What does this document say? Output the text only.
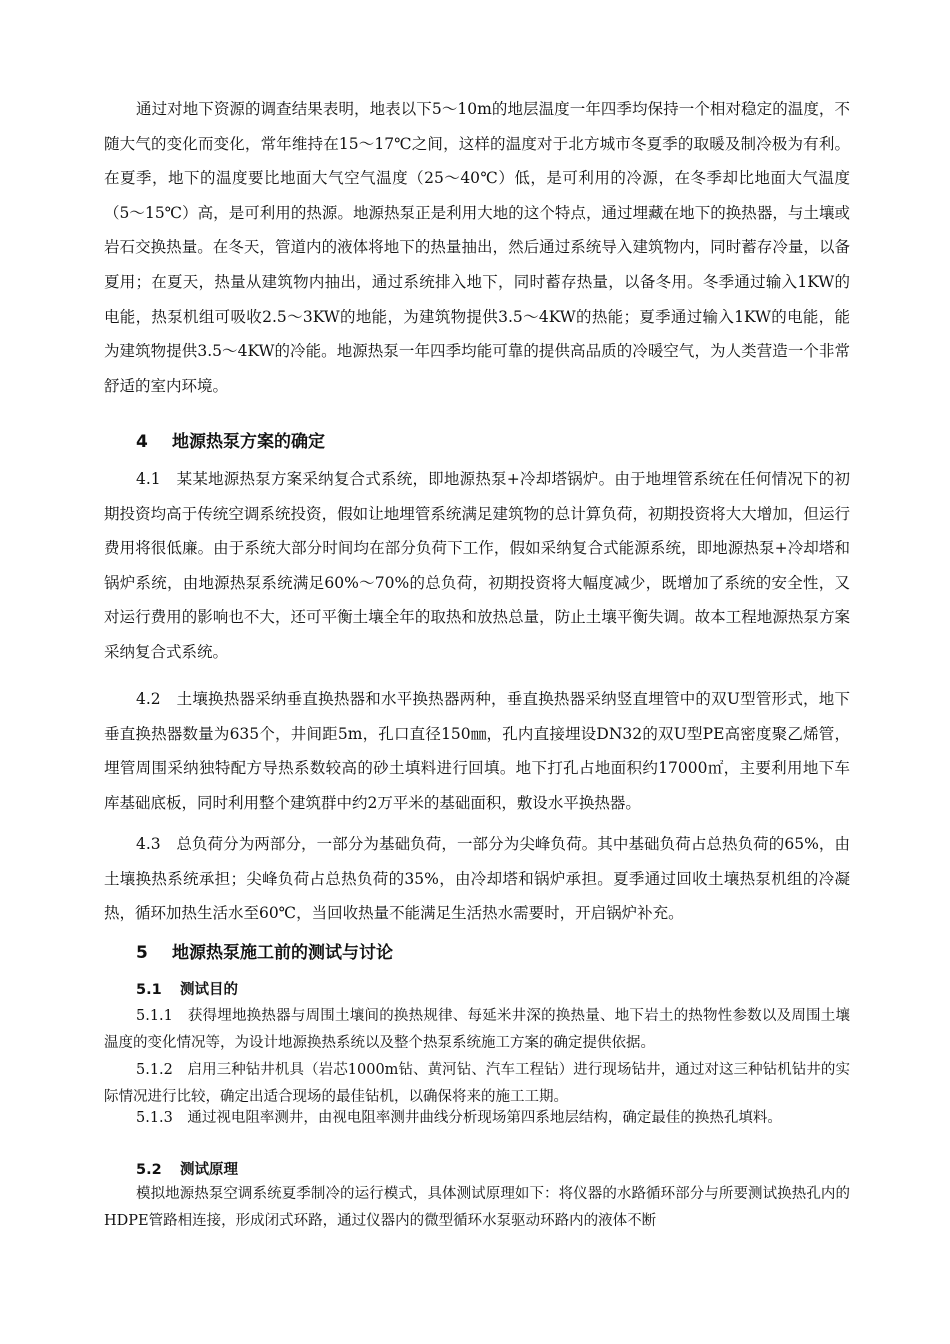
通过对地下资源的调查结果表明，地表以下5～10m的地层温度一年四季均保持一个相对稳定的温度，不随大气的变化而变化，常年维持在15～17℃之间，这样的温度对于北方城市冬夏季的取暖及制冷极为有利。在夏季，地下的温度要比地面大气空气温度（25～40℃）低，是可利用的冷源，在冬季却比地面大气温度（5～15℃）高，是可利用的热源。地源热泵正是利用大地的这个特点，通过埋藏在地下的换热器，与土壤或岩石交换热量。在冬天，管道内的液体将地下的热量抽出，然后通过系统导入建筑物内，同时蓄存冷量，以备夏用；在夏天，热量从建筑物内抽出，通过系统排入地下，同时蓄存热量，以备冬用。冬季通过输入1KW的电能，热泵机组可吸收2.5～3KW的地能，为建筑物提供3.5～4KW的热能；夏季通过输入1KW的电能，能为建筑物提供3.5～4KW的冷能。地源热泵一年四季均能可靠的提供高品质的冷暖空气，为人类营造一个非常舒适的室内环境。

4 地源热泵方案的确定

4.1　某某地源热泵方案采纳复合式系统，即地源热泵+冷却塔锅炉。由于地埋管系统在任何情况下的初期投资均高于传统空调系统投资，假如让地埋管系统满足建筑物的总计算负荷，初期投资将大大增加，但运行费用将很低廉。由于系统大部分时间均在部分负荷下工作，假如采纳复合式能源系统，即地源热泵+冷却塔和锅炉系统，由地源热泵系统满足60%～70%的总负荷，初期投资将大幅度减少，既增加了系统的安全性，又对运行费用的影响也不大，还可平衡土壤全年的取热和放热总量，防止土壤平衡失调。故本工程地源热泵方案采纳复合式系统。

4.2　土壤换热器采纳垂直换热器和水平换热器两种，垂直换热器采纳竖直埋管中的双U型管形式，地下垂直换热器数量为635个，井间距5m，孔口直径150㎜，孔内直接埋设DN32的双U型PE高密度聚乙烯管，埋管周围采纳独特配方导热系数较高的砂土填料进行回填。地下打孔占地面积约17000㎡，主要利用地下车库基础底板，同时利用整个建筑群中约2万平米的基础面积，敷设水平换热器。

4.3　总负荷分为两部分，一部分为基础负荷，一部分为尖峰负荷。其中基础负荷占总热负荷的65%，由土壤换热系统承担；尖峰负荷占总热负荷的35%，由冷却塔和锅炉承担。夏季通过回收土壤热泵机组的冷凝热，循环加热生活水至60℃，当回收热量不能满足生活热水需要时，开启锅炉补充。

5 地源热泵施工前的测试与讨论
5.1 测试目的

5.1.1　获得埋地换热器与周围土壤间的换热规律、每延米井深的换热量、地下岩土的热物性参数以及周围土壤温度的变化情况等，为设计地源换热系统以及整个热泵系统施工方案的确定提供依据。

5.1.2　启用三种钻井机具（岩芯1000m钻、黄河钻、汽车工程钻）进行现场钻井，通过对这三种钻机钻井的实际情况进行比较，确定出适合现场的最佳钻机，以确保将来的施工工期。

5.1.3　通过视电阻率测井，由视电阻率测井曲线分析现场第四系地层结构，确定最佳的换热孔填料。

5.2 测试原理

模拟地源热泵空调系统夏季制冷的运行模式，具体测试原理如下：将仪器的水路循环部分与所要测试换热孔内的HDPE管路相连接，形成闭式环路，通过仪器内的微型循环水泵驱动环路内的液体不断
